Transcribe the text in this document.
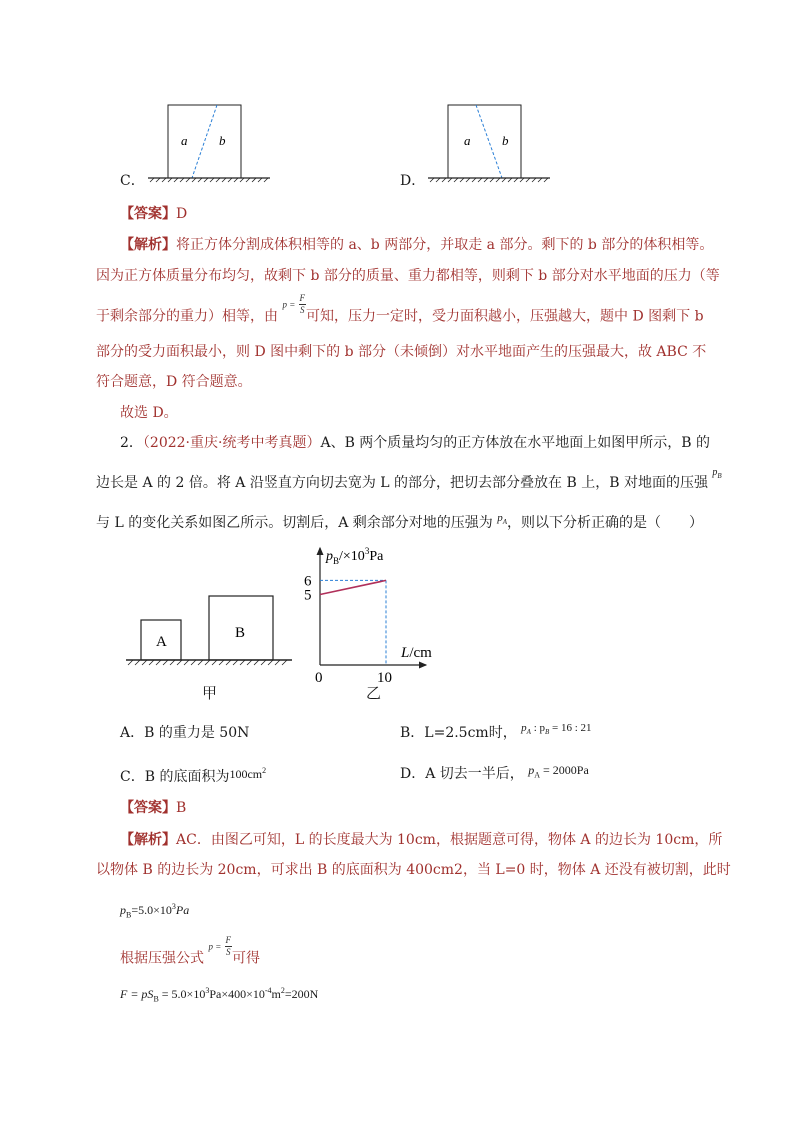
a b
C．
a b
D．
【答案】D
【解析】将正方体分割成体积相等的 a、b 两部分，并取走 a 部分。剩下的 b 部分的体积相等。
因为正方体质量分布均匀，故剩下 b 部分的质量、重力都相等，则剩下 b 部分对水平地面的压力（等
于剩余部分的重力）相等，由 $p = \frac{F}{S}$
可知，压力一定时，受力面积越小，压强越大，题中 D 图剩下 b
部分的受力面积最小，则 D 图中剩下的 b 部分（未倾倒）对水平地面产生的压强最大，故 ABC 不
符合题意，D 符合题意。
故选 D。
2．（2022·重庆·统考中考真题）A、B 两个质量均匀的正方体放在水平地面上如图甲所示，B 的
边长是 A 的 2 倍。将 A 沿竖直方向切去宽为 L 的部分，把切去部分叠放在 B 上，B 对地面的压强 $p_B$
与 L 的变化关系如图乙所示。切割后，A 剩余部分对地的压强为 $p_A$，则以下分析正确的是（　　）
A
B
甲
5
6
0	10
$p_B/\times 10^3Pa$
L/cm
乙
A．B 的重力是 50N	B．L=2.5cm时， $p_A$ : $p_B = 16$ : 21
C．B 的底面积为$100cm^2$	D．A 切去一半后， $p_A = 2000Pa$
【答案】B
【解析】AC．由图乙可知，L 的长度最大为 10cm，根据题意可得，物体 A 的边长为 10cm，所
以物体 B 的边长为 20cm，可求出 B 的底面积为 400cm2，当 L=0 时，物体 A 还没有被切割，此时
$p_B=5.0\times 10^3Pa$
根据压强公式 $p = \frac{F}{S}$
可得
$F = pS_B = 5.0\times 10^3Pa\times 400\times 10^{-4}m^2=200N$
